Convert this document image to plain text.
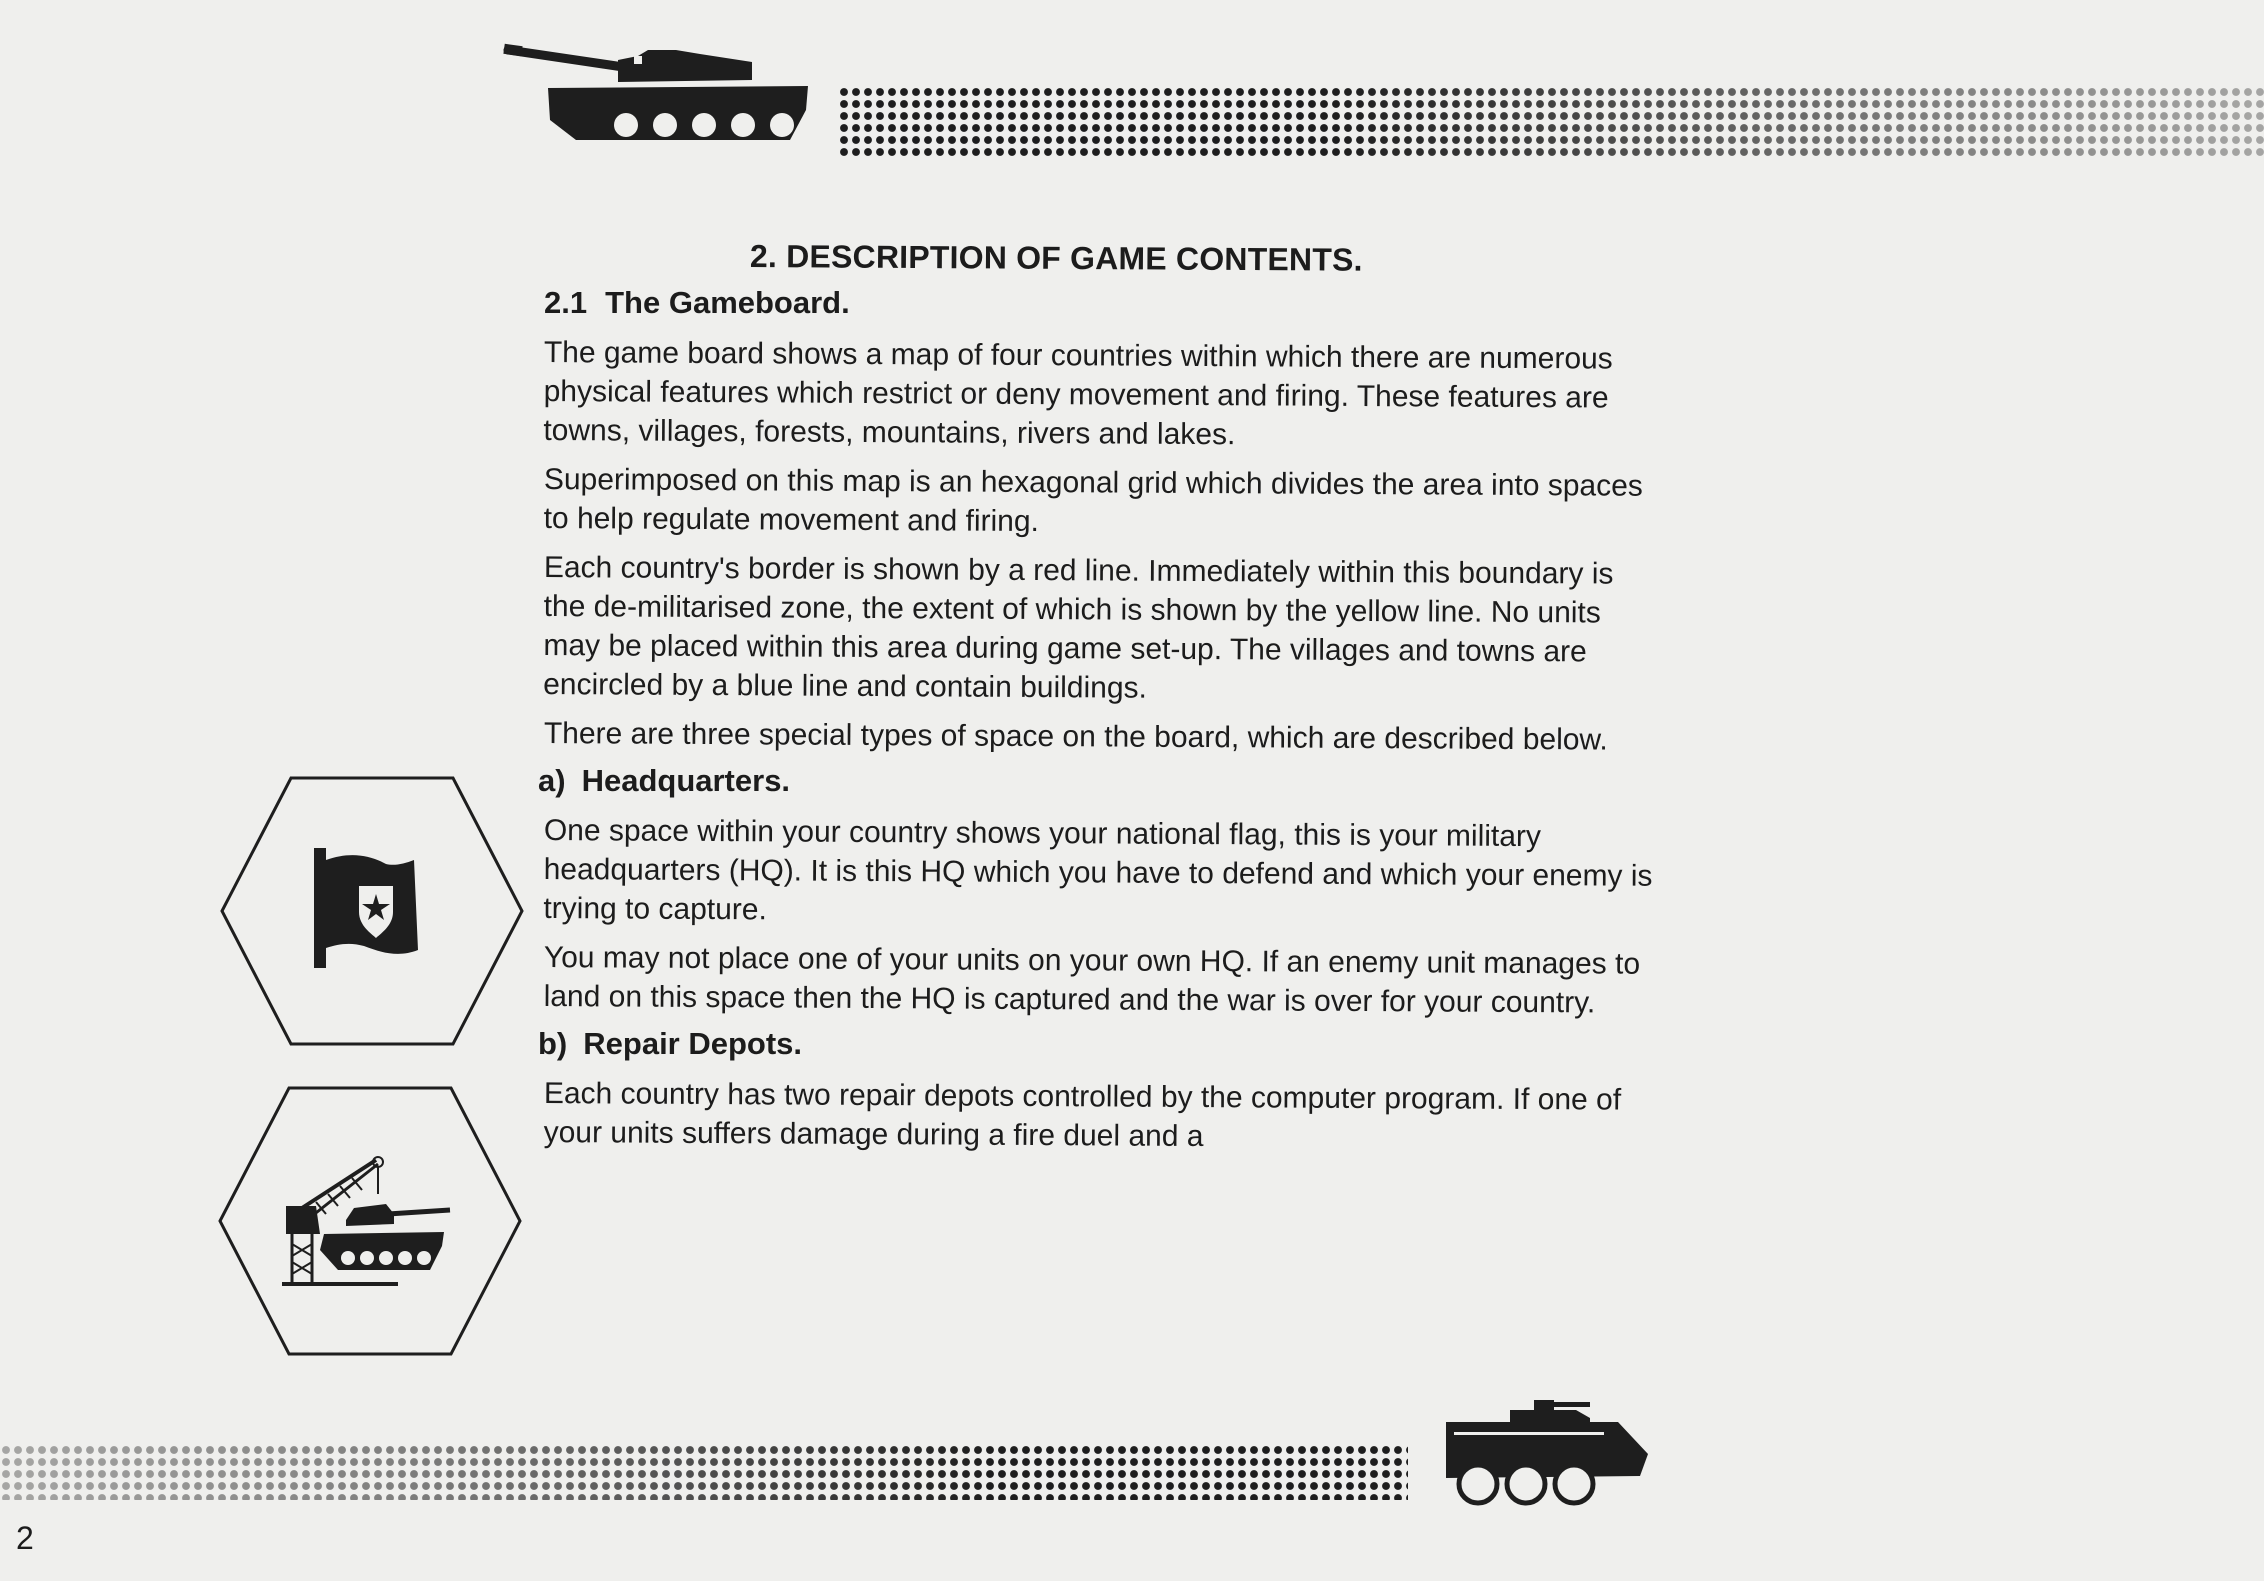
2. DESCRIPTION OF GAME CONTENTS.
2.1 The Gameboard.

The game board shows a map of four countries within which there are numerous physical features which restrict or deny movement and firing. These features are towns, villages, forests, mountains, rivers and lakes.

Superimposed on this map is an hexagonal grid which divides the area into spaces to help regulate movement and firing.

Each country's border is shown by a red line. Immediately within this boundary is the de-militarised zone, the extent of which is shown by the yellow line. No units may be placed within this area during game set-up. The villages and towns are encircled by a blue line and contain buildings.

There are three special types of space on the board, which are described below.

a) Headquarters.

One space within your country shows your national flag, this is your military headquarters (HQ). It is this HQ which you have to defend and which your enemy is trying to capture.

You may not place one of your units on your own HQ. If an enemy unit manages to land on this space then the HQ is captured and the war is over for your country.

b) Repair Depots.

Each country has two repair depots controlled by the computer program. If one of your units suffers damage during a fire duel and a

2
